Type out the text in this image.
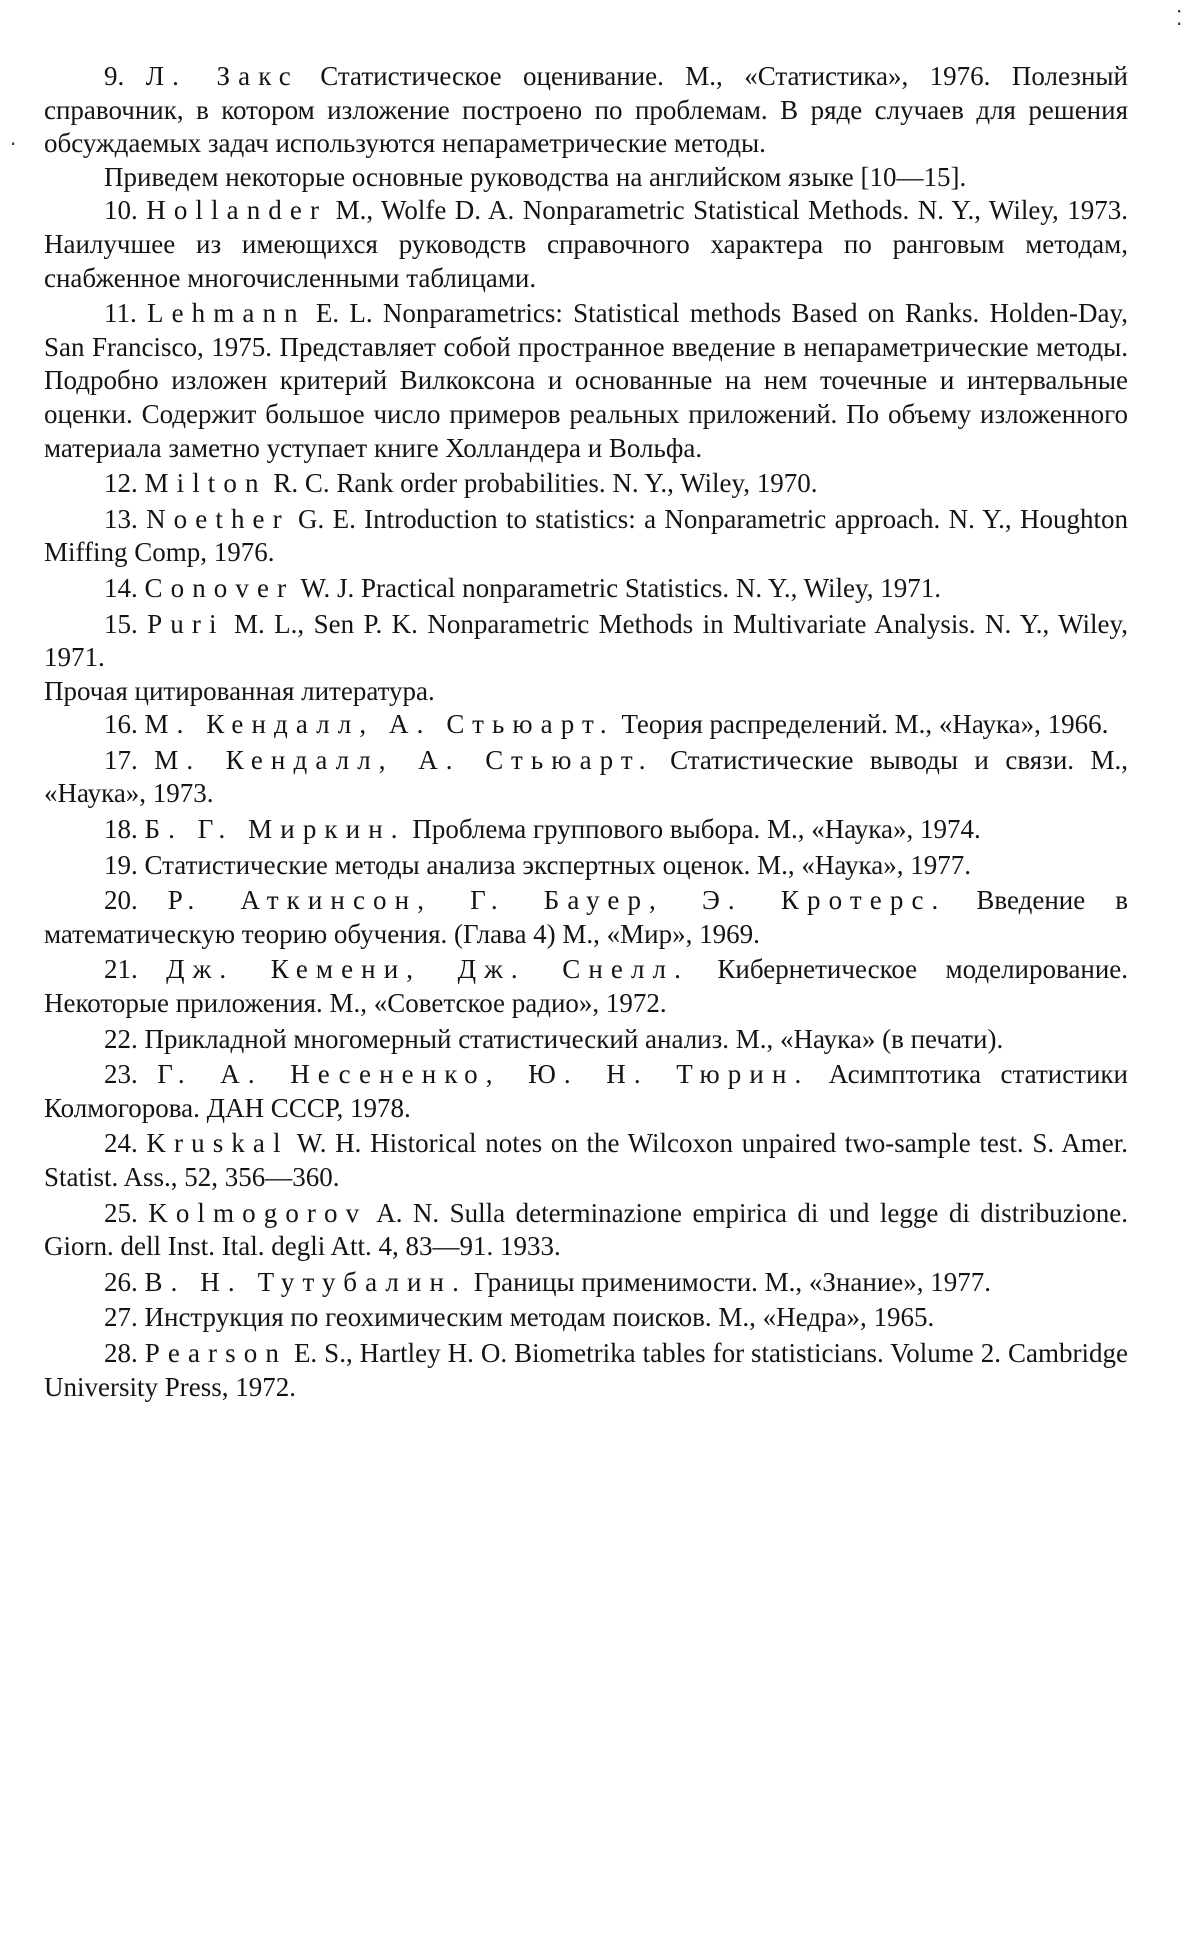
⁚
·

9. Л. Закс Статистическое оценивание. М., «Статистика», 1976. Полезный справочник, в котором изложение построено по проблемам. В ряде случаев для решения обсуждаемых задач используются непараметрические методы.

Приведем некоторые основные руководства на английском языке [10—15].

10. Hollander M., Wolfe D. A. Nonparametric Statistical Methods. N. Y., Wiley, 1973. Наилучшее из имеющихся руководств справочного характера по ранговым методам, снабженное многочисленными таблицами.

11. Lehmann E. L. Nonparametrics: Statistical methods Based on Ranks. Holden-Day, San Francisco, 1975. Представляет собой пространное введение в непараметрические методы. Подробно изложен критерий Вилкоксона и основанные на нем точечные и интервальные оценки. Содержит большое число примеров реальных приложений. По объему изложенного материала заметно уступает книге Холландера и Вольфа.

12. Milton R. C. Rank order probabilities. N. Y., Wiley, 1970.

13. Noether G. E. Introduction to statistics: a Nonparametric approach. N. Y., Houghton Miffing Comp, 1976.

14. Conover W. J. Practical nonparametric Statistics. N. Y., Wiley, 1971.

15. Puri M. L., Sen P. K. Nonparametric Methods in Multivariate Analysis. N. Y., Wiley, 1971.

Прочая цитированная литература.

16. М. Кендалл, А. Стьюарт. Теория распределений. М., «Наука», 1966.

17. М. Кендалл, А. Стьюарт. Статистические выводы и связи. М., «Наука», 1973.

18. Б. Г. Миркин. Проблема группового выбора. М., «Наука», 1974.

19. Статистические методы анализа экспертных оценок. М., «Наука», 1977.

20. Р. Аткинсон, Г. Бауер, Э. Кротерс. Введение в математическую теорию обучения. (Глава 4) М., «Мир», 1969.

21. Дж. Кемени, Дж. Снелл. Кибернетическое моделирование. Некоторые приложения. М., «Советское радио», 1972.

22. Прикладной многомерный статистический анализ. М., «Наука» (в печати).

23. Г. А. Несененко, Ю. Н. Тюрин. Асимптотика статистики Колмогорова. ДАН СССР, 1978.

24. Kruskal W. H. Historical notes on the Wilcoxon unpaired two-sample test. S. Amer. Statist. Ass., 52, 356—360.

25. Kolmogorov A. N. Sulla determinazione empirica di und legge di distribuzione. Giorn. dell Inst. Ital. degli Att. 4, 83—91. 1933.

26. В. Н. Тутубалин. Границы применимости. М., «Знание», 1977.

27. Инструкция по геохимическим методам поисков. М., «Недра», 1965.

28. Pearson E. S., Hartley H. O. Biometrika tables for statisticians. Volume 2. Cambridge University Press, 1972.
